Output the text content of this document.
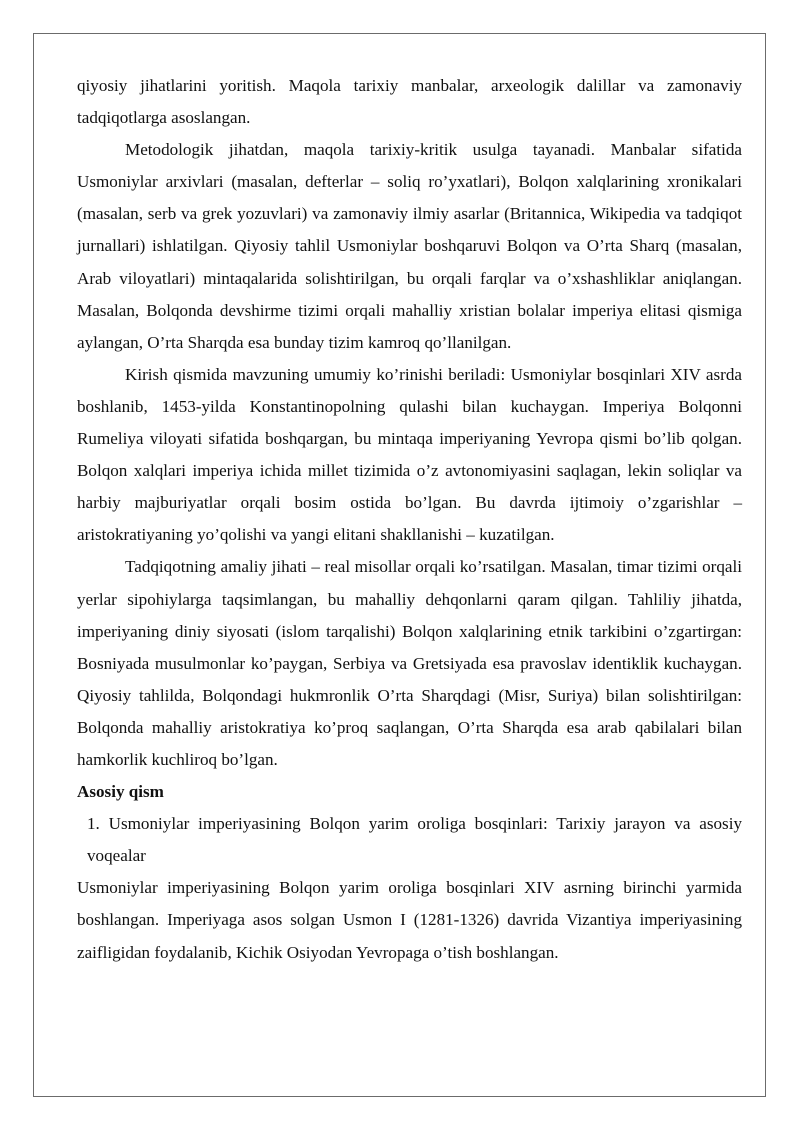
qiyosiy jihatlarini yoritish. Maqola tarixiy manbalar, arxeologik dalillar va zamonaviy tadqiqotlarga asoslangan.

Metodologik jihatdan, maqola tarixiy-kritik usulga tayanadi. Manbalar sifatida Usmoniylar arxivlari (masalan, defterlar – soliq ro’yxatlari), Bolqon xalqlarining xronikalari (masalan, serb va grek yozuvlari) va zamonaviy ilmiy asarlar (Britannica, Wikipedia va tadqiqot jurnallari) ishlatilgan. Qiyosiy tahlil Usmoniylar boshqaruvi Bolqon va O’rta Sharq (masalan, Arab viloyatlari) mintaqalarida solishtirilgan, bu orqali farqlar va o’xshashliklar aniqlangan. Masalan, Bolqonda devshirme tizimi orqali mahalliy xristian bolalar imperiya elitasi qismiga aylangan, O’rta Sharqda esa bunday tizim kamroq qo’llanilgan.

Kirish qismida mavzuning umumiy ko’rinishi beriladi: Usmoniylar bosqinlari XIV asrda boshlanib, 1453-yilda Konstantinopolning qulashi bilan kuchaygan. Imperiya Bolqonni Rumeliya viloyati sifatida boshqargan, bu mintaqa imperiyaning Yevropa qismi bo’lib qolgan. Bolqon xalqlari imperiya ichida millet tizimida o’z avtonomiyasini saqlagan, lekin soliqlar va harbiy majburiyatlar orqali bosim ostida bo’lgan. Bu davrda ijtimoiy o’zgarishlar – aristokratiyaning yo’qolishi va yangi elitani shakllanishi – kuzatilgan.

Tadqiqotning amaliy jihati – real misollar orqali ko’rsatilgan. Masalan, timar tizimi orqali yerlar sipohiylarga taqsimlangan, bu mahalliy dehqonlarni qaram qilgan. Tahliliy jihatda, imperiyaning diniy siyosati (islom tarqalishi) Bolqon xalqlarining etnik tarkibini o’zgartirgan: Bosniyada musulmonlar ko’paygan, Serbiya va Gretsiyada esa pravoslav identiklik kuchaygan. Qiyosiy tahlilda, Bolqondagi hukmronlik O’rta Sharqdagi (Misr, Suriya) bilan solishtirilgan: Bolqonda mahalliy aristokratiya ko’proq saqlangan, O’rta Sharqda esa arab qabilalari bilan hamkorlik kuchliroq bo’lgan.

Asosiy qism

1. Usmoniylar imperiyasining Bolqon yarim oroliga bosqinlari: Tarixiy jarayon va asosiy voqealar

Usmoniylar imperiyasining Bolqon yarim oroliga bosqinlari XIV asrning birinchi yarmida boshlangan. Imperiyaga asos solgan Usmon I (1281-1326) davrida Vizantiya imperiyasining zaifligidan foydalanib, Kichik Osiyodan Yevropaga o’tish boshlangan.
